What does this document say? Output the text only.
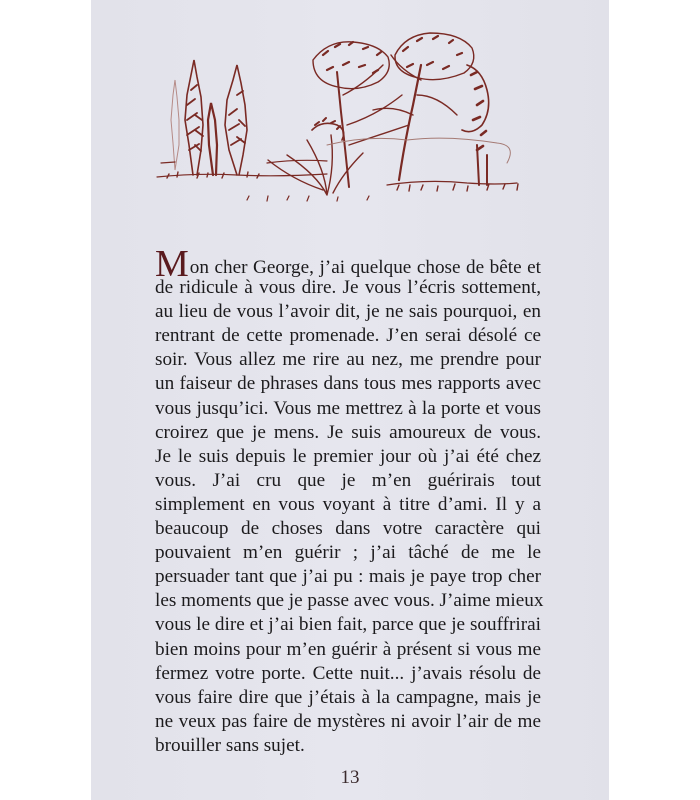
Mon cher George, j’ai quelque chose de bête et
de ridicule à vous dire. Je vous l’écris sottement,
au lieu de vous l’avoir dit, je ne sais pourquoi, en
rentrant de cette promenade. J’en serai désolé ce
soir. Vous allez me rire au nez, me prendre pour
un faiseur de phrases dans tous mes rapports avec
vous jusqu’ici. Vous me mettrez à la porte et vous
croirez que je mens. Je suis amoureux de vous.
Je le suis depuis le premier jour où j’ai été chez
vous. J’ai cru que je m’en guérirais tout
simplement en vous voyant à titre d’ami. Il y a
beaucoup de choses dans votre caractère qui
pouvaient m’en guérir ; j’ai tâché de me le
persuader tant que j’ai pu : mais je paye trop cher
les moments que je passe avec vous. J’aime mieux
vous le dire et j’ai bien fait, parce que je souffrirai
bien moins pour m’en guérir à présent si vous me
fermez votre porte. Cette nuit... j’avais résolu de
vous faire dire que j’étais à la campagne, mais je
ne veux pas faire de mystères ni avoir l’air de me
brouiller sans sujet.
13
